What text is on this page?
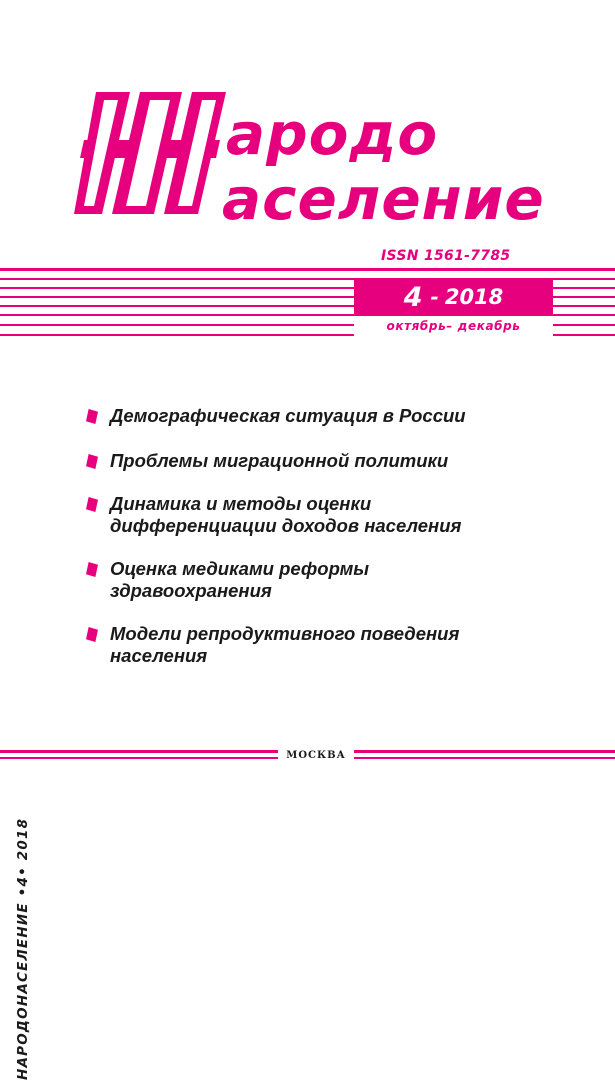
ародо
аселение
ISSN 1561-7785
4 - 2018
октябрь– декабрь
НАРОДОНАСЕЛЕНИЕ •4• 2018
Демографическая ситуация в России
Проблемы миграционной политики
Динамика и методы оценки
дифференциации доходов населения
Оценка медиками реформы
здравоохранения
Модели репродуктивного поведения
населения
МОСКВА
